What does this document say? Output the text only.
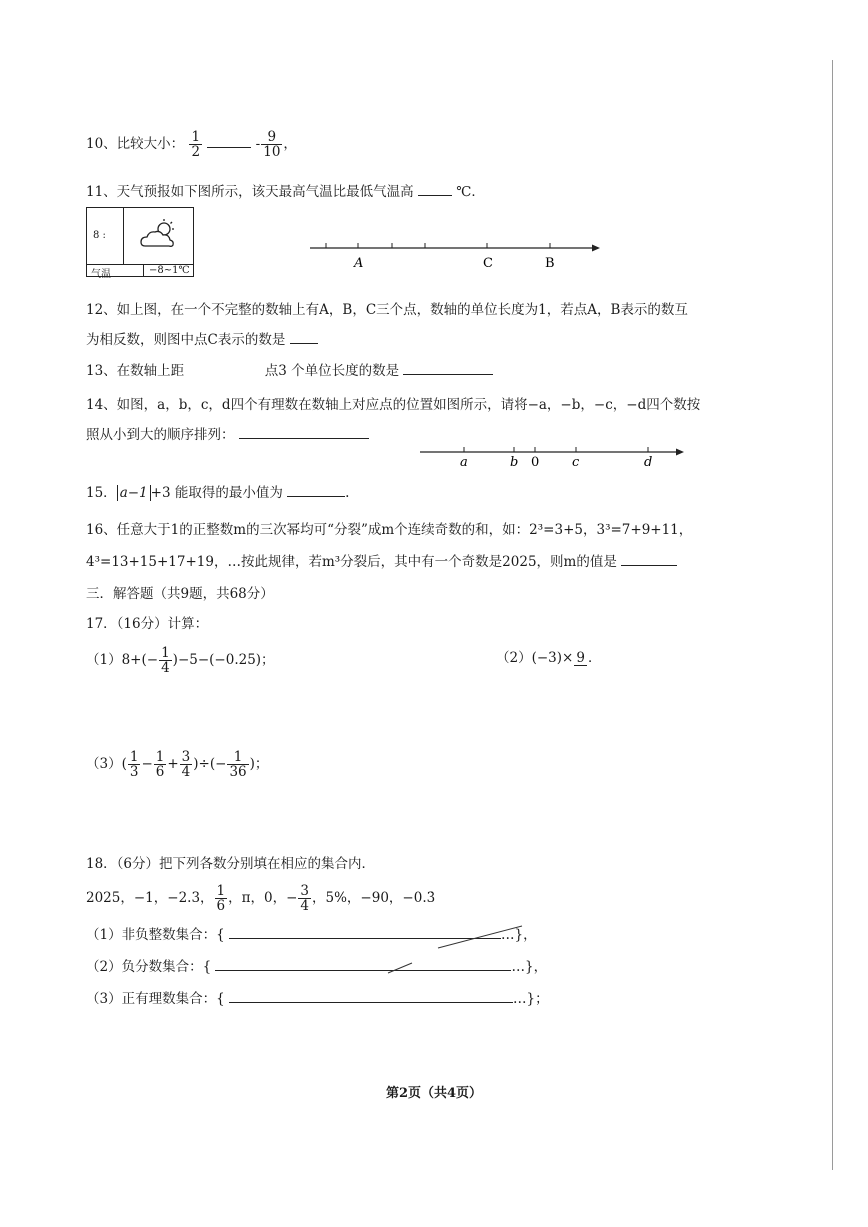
10、比较大小： $\frac{1}{2}$	- $\frac{9}{10}$ ，
11、天气预报如下图所示，该天最高气温比最低气温高	℃．
8 :
气温	−8~1℃	A	C	B
12、如上图，在一个不完整的数轴上有A，B，C三个点，数轴的单位长度为1，若点A，B表示的数互
为相反数，则图中点C表示的数是
13、在数轴上距	点3 个单位长度的数是
14、如图，a，b，c，d四个有理数在数轴上对应点的位置如图所示，请将−a，−b，−c，−d四个数按
照从小到大的顺序排列：
a	b 0	c	d
15． a−1 +3 能取得的最小值为	.
16、任意大于1的正整数m的三次幂均可“分裂”成m个连续奇数的和，如：2³=3+5，3³=7+9+11，
4³=13+15+17+19，…按此规律，若m³分裂后，其中有一个奇数是2025，则m的值是
三．解答题（共9题，共68分）
17．（16分）计算：
$(1)8+(- \frac{1}{4} )-5-(-0.25)$；	（2）(−3)× 9 ．
$(3)( \frac{1}{3} - \frac{1}{6} + \frac{3}{4}$ )÷(− $\frac{1}{36}$ )；
18．（6分）把下列各数分别填在相应的集合内．
2025，−1，−2.3， $\frac{1}{6}$ ，π，0，− $\frac{3}{4}$ ，5%，−90，−0.3̇
（1）非负整数集合：{	…}，
（2）负分数集合：{	…}，
（3）正有理数集合：{	…}；
第2页（共4页）
